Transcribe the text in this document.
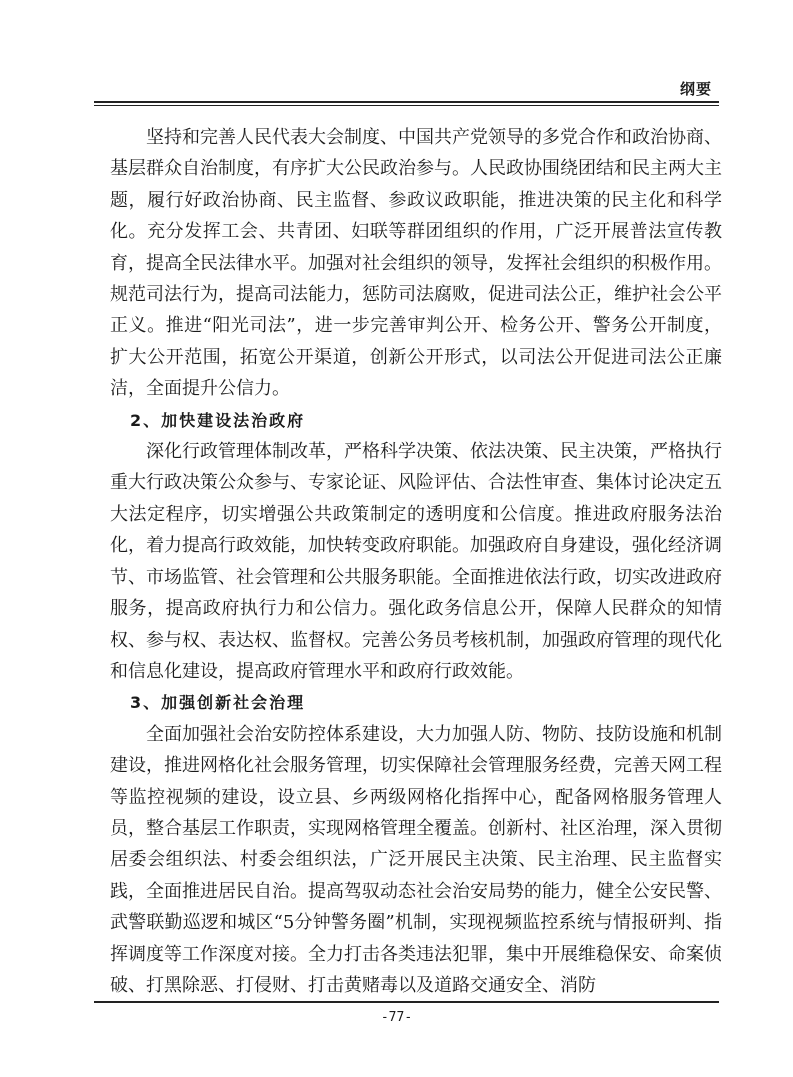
纲要

坚持和完善人民代表大会制度、中国共产党领导的多党合作和政治协商、基层群众自治制度，有序扩大公民政治参与。人民政协围绕团结和民主两大主题，履行好政治协商、民主监督、参政议政职能，推进决策的民主化和科学化。充分发挥工会、共青团、妇联等群团组织的作用，广泛开展普法宣传教育，提高全民法律水平。加强对社会组织的领导，发挥社会组织的积极作用。规范司法行为，提高司法能力，惩防司法腐败，促进司法公正，维护社会公平正义。推进“阳光司法”，进一步完善审判公开、检务公开、警务公开制度，扩大公开范围，拓宽公开渠道，创新公开形式，以司法公开促进司法公正廉洁，全面提升公信力。

2、加快建设法治政府

深化行政管理体制改革，严格科学决策、依法决策、民主决策，严格执行重大行政决策公众参与、专家论证、风险评估、合法性审查、集体讨论决定五大法定程序，切实增强公共政策制定的透明度和公信度。推进政府服务法治化，着力提高行政效能，加快转变政府职能。加强政府自身建设，强化经济调节、市场监管、社会管理和公共服务职能。全面推进依法行政，切实改进政府服务，提高政府执行力和公信力。强化政务信息公开，保障人民群众的知情权、参与权、表达权、监督权。完善公务员考核机制，加强政府管理的现代化和信息化建设，提高政府管理水平和政府行政效能。

3、加强创新社会治理

全面加强社会治安防控体系建设，大力加强人防、物防、技防设施和机制建设，推进网格化社会服务管理，切实保障社会管理服务经费，完善天网工程等监控视频的建设，设立县、乡两级网格化指挥中心，配备网格服务管理人员，整合基层工作职责，实现网格管理全覆盖。创新村、社区治理，深入贯彻居委会组织法、村委会组织法，广泛开展民主决策、民主治理、民主监督实践，全面推进居民自治。提高驾驭动态社会治安局势的能力，健全公安民警、武警联勤巡逻和城区“5分钟警务圈”机制，实现视频监控系统与情报研判、指挥调度等工作深度对接。全力打击各类违法犯罪，集中开展维稳保安、命案侦破、打黑除恶、打侵财、打击黄赌毒以及道路交通安全、消防

-77-
